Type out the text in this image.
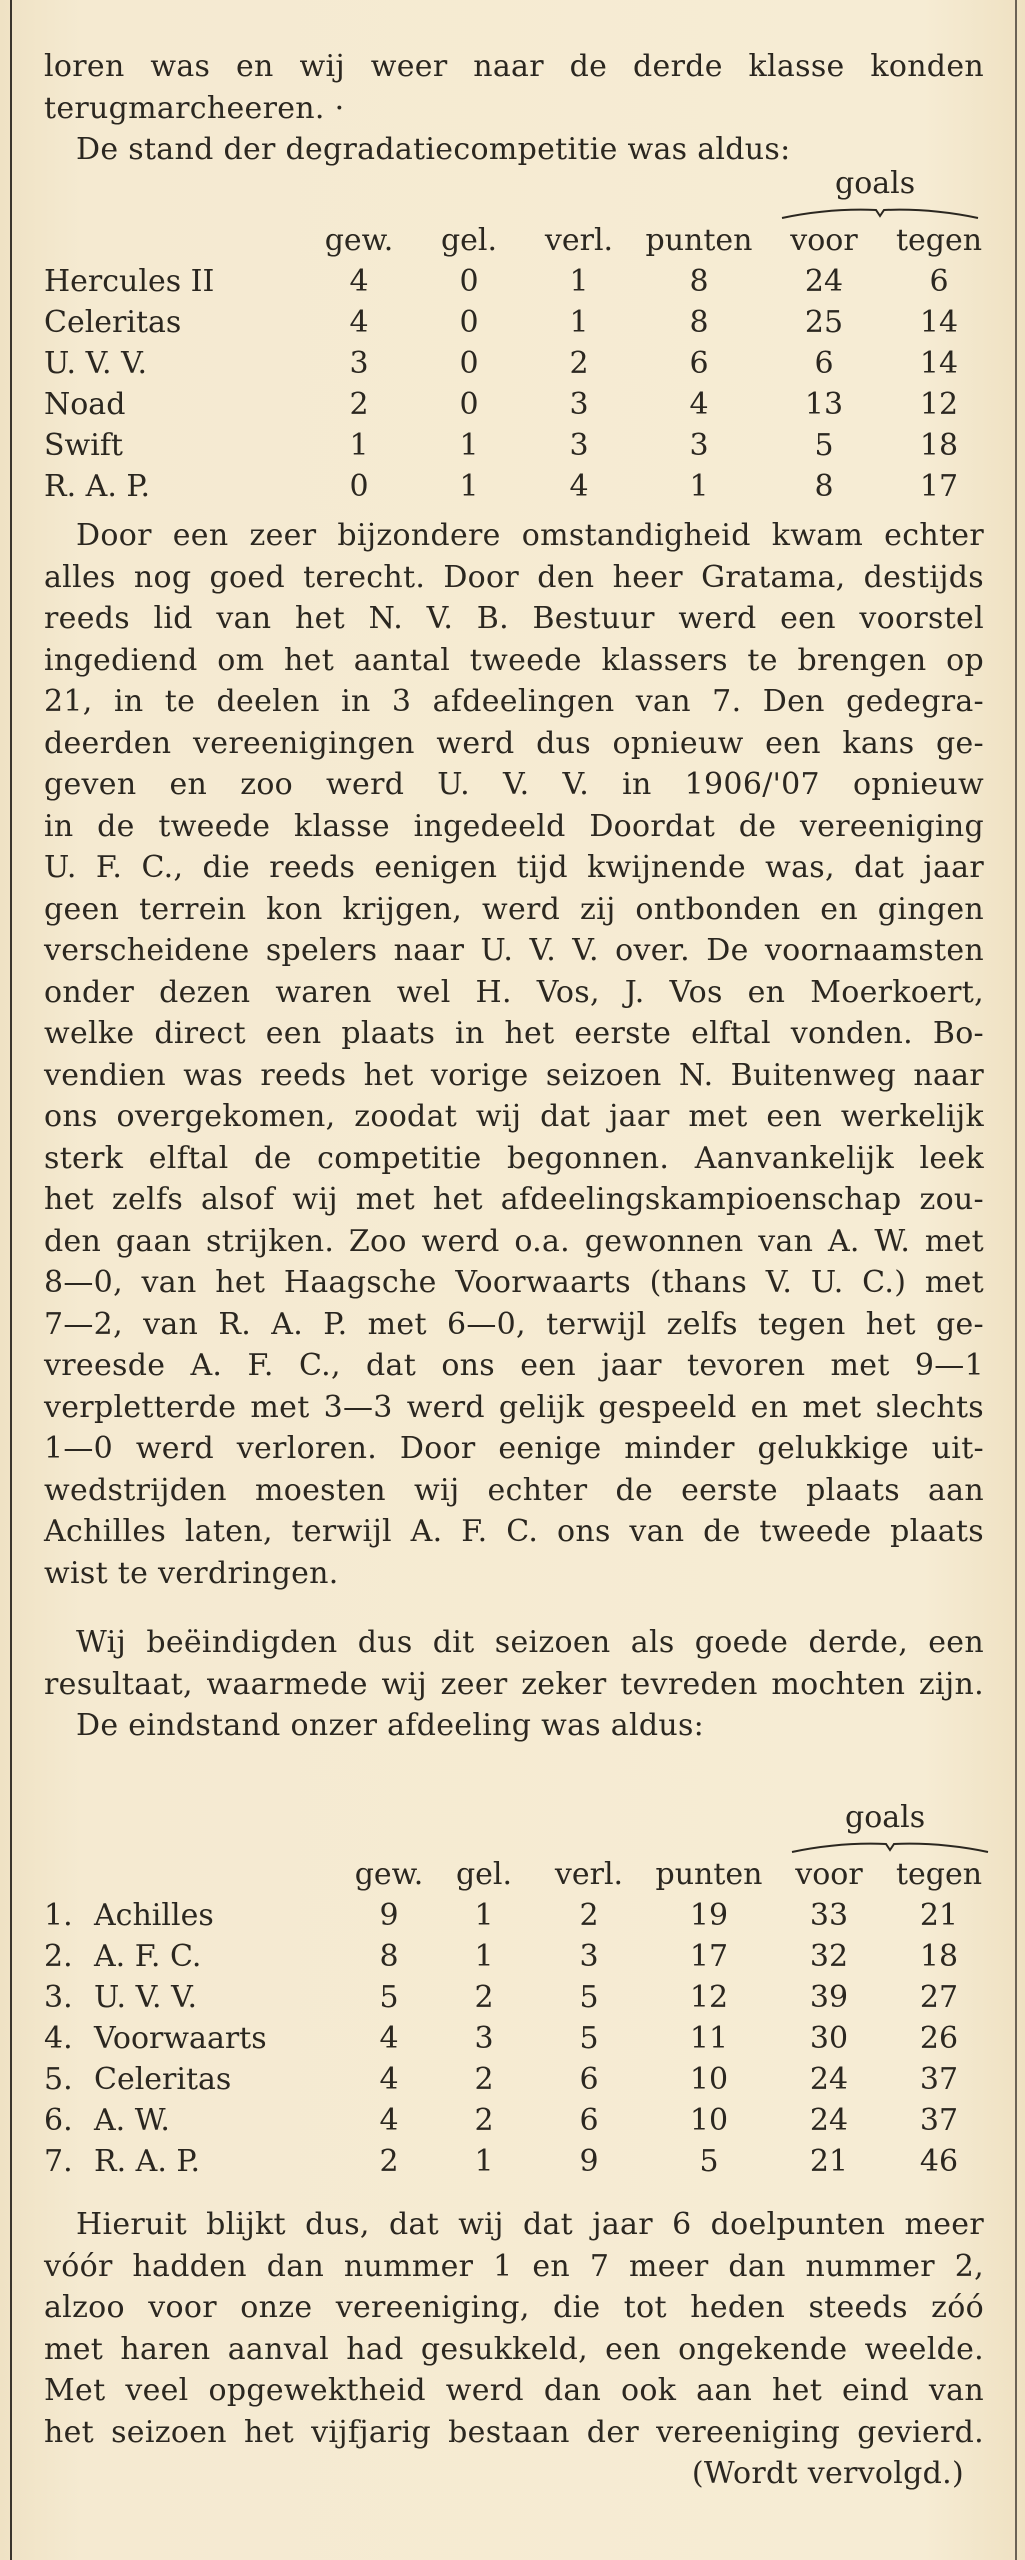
loren was en wij weer naar de derde klasse konden
terugmarcheeren. ·
De stand der degradatiecompetitie was aldus:
goals
	gew.	gel.	verl.	punten	voor	tegen
Hercules II	4	0	1	8	24	6
Celeritas	4	0	1	8	25	14
U. V. V.	3	0	2	6	6	14
Noad	2	0	3	4	13	12
Swift	1	1	3	3	5	18
R. A. P.	0	1	4	1	8	17
Door een zeer bijzondere omstandigheid kwam echter
alles nog goed terecht. Door den heer Gratama, destijds
reeds lid van het N. V. B. Bestuur werd een voorstel
ingediend om het aantal tweede klassers te brengen op
21, in te deelen in 3 afdeelingen van 7. Den gedegra-
deerden vereenigingen werd dus opnieuw een kans ge-
geven en zoo werd U. V. V. in 1906/'07 opnieuw
in de tweede klasse ingedeeld Doordat de vereeniging
U. F. C., die reeds eenigen tijd kwijnende was, dat jaar
geen terrein kon krijgen, werd zij ontbonden en gingen
verscheidene spelers naar U. V. V. over. De voornaamsten
onder dezen waren wel H. Vos, J. Vos en Moerkoert,
welke direct een plaats in het eerste elftal vonden. Bo-
vendien was reeds het vorige seizoen N. Buitenweg naar
ons overgekomen, zoodat wij dat jaar met een werkelijk
sterk elftal de competitie begonnen. Aanvankelijk leek
het zelfs alsof wij met het afdeelingskampioenschap zou-
den gaan strijken. Zoo werd o.a. gewonnen van A. W. met
8—0, van het Haagsche Voorwaarts (thans V. U. C.) met
7—2, van R. A. P. met 6—0, terwijl zelfs tegen het ge-
vreesde A. F. C., dat ons een jaar tevoren met 9—1
verpletterde met 3—3 werd gelijk gespeeld en met slechts
1—0 werd verloren. Door eenige minder gelukkige uit-
wedstrijden moesten wij echter de eerste plaats aan
Achilles laten, terwijl A. F. C. ons van de tweede plaats
wist te verdringen.
Wij beëindigden dus dit seizoen als goede derde, een
resultaat, waarmede wij zeer zeker tevreden mochten zijn.
De eindstand onzer afdeeling was aldus:
goals
		gew.	gel.	verl.	punten	voor	tegen
1.	Achilles	9	1	2	19	33	21
2.	A. F. C.	8	1	3	17	32	18
3.	U. V. V.	5	2	5	12	39	27
4.	Voorwaarts	4	3	5	11	30	26
5.	Celeritas	4	2	6	10	24	37
6.	A. W.	4	2	6	10	24	37
7.	R. A. P.	2	1	9	5	21	46
Hieruit blijkt dus, dat wij dat jaar 6 doelpunten meer
vóór hadden dan nummer 1 en 7 meer dan nummer 2,
alzoo voor onze vereeniging, die tot heden steeds zóó
met haren aanval had gesukkeld, een ongekende weelde.
Met veel opgewektheid werd dan ook aan het eind van
het seizoen het vijfjarig bestaan der vereeniging gevierd.
(Wordt vervolgd.)
